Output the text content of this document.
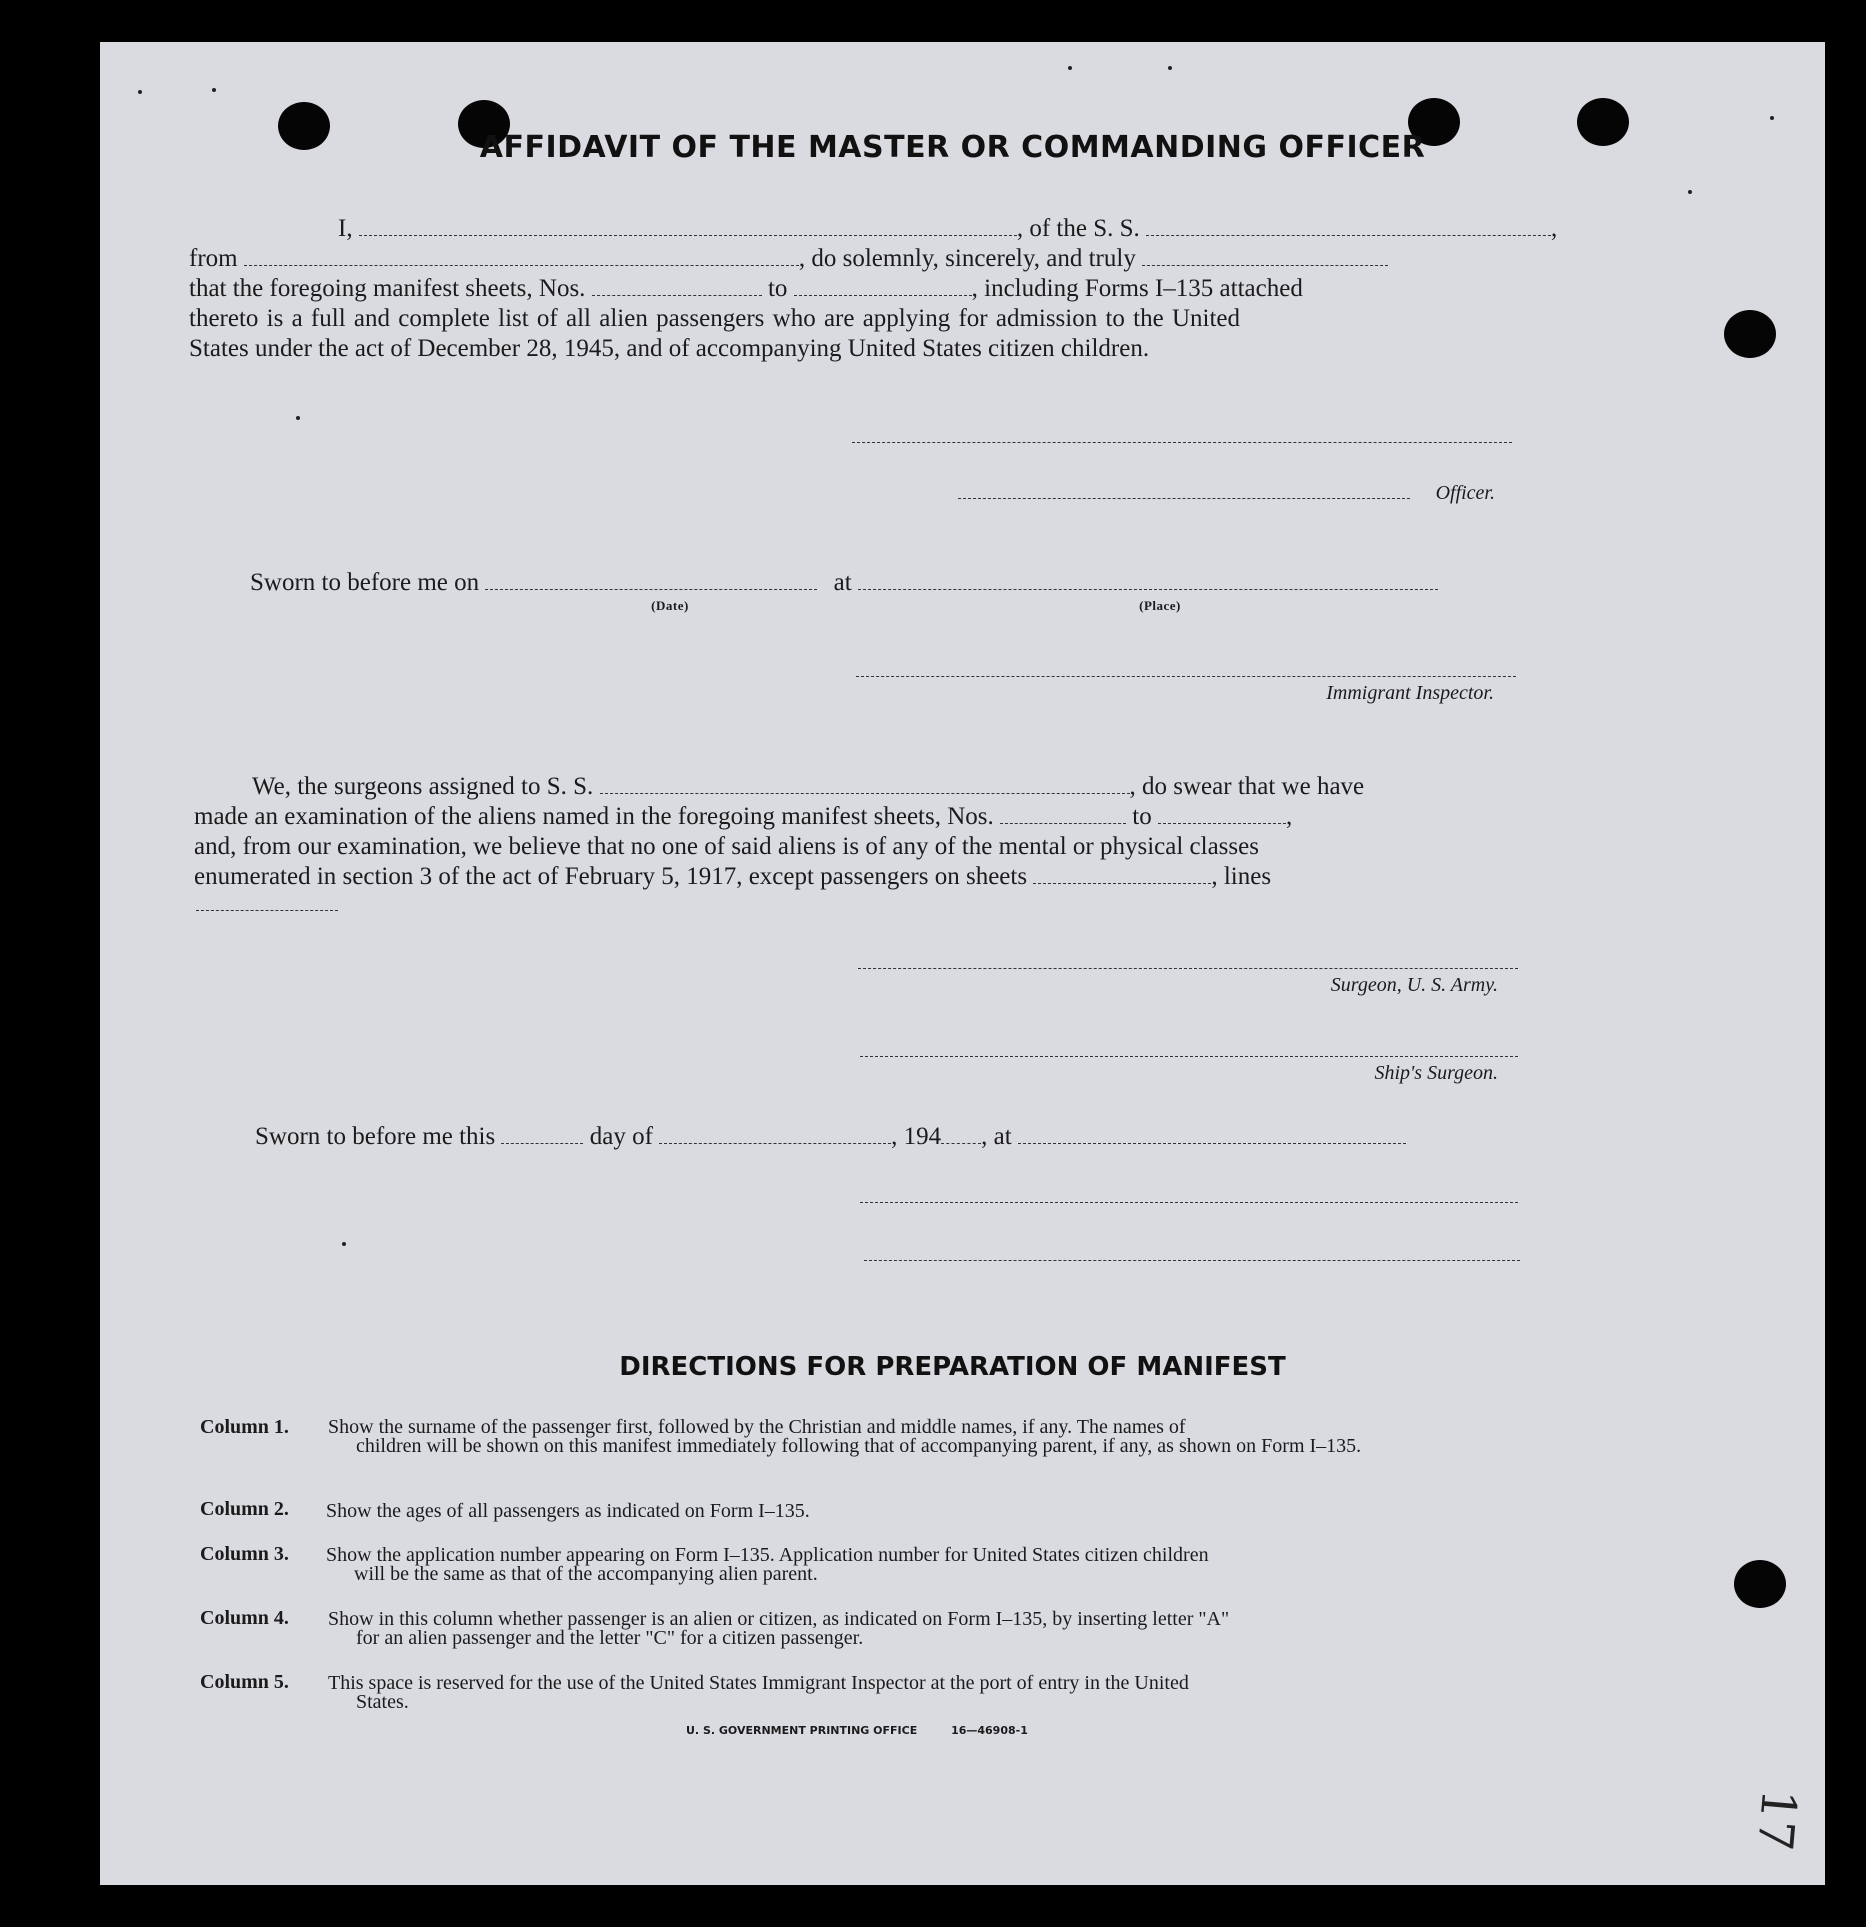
AFFIDAVIT OF THE MASTER OR COMMANDING OFFICER
I,	, of the S. S.	,
from	, do solemnly, sincerely, and truly
that the foregoing manifest sheets, Nos.	to	, including Forms I–135 attached
thereto is a full and complete list of all alien passengers who are applying for admission to the United
States under the act of December 28, 1945, and of accompanying United States citizen children.
Officer.
Sworn to before me on	at
(Date)	(Place)
Immigrant Inspector.
We, the surgeons assigned to S. S.	, do swear that we have
made an examination of the aliens named in the foregoing manifest sheets, Nos.	to	,
and, from our examination, we believe that no one of said aliens is of any of the mental or physical classes
enumerated in section 3 of the act of February 5, 1917, except passengers on sheets	, lines
Surgeon, U. S. Army.
Ship's Surgeon.
Sworn to before me this	day of	, 194 , at
DIRECTIONS FOR PREPARATION OF MANIFEST
Column 1. Show the surname of the passenger first, followed by the Christian and middle names, if any. The names of
children will be shown on this manifest immediately following that of accompanying parent, if any, as shown on Form I–135.
Column 2. Show the ages of all passengers as indicated on Form I–135.
Column 3. Show the application number appearing on Form I–135. Application number for United States citizen children
will be the same as that of the accompanying alien parent.
Column 4. Show in this column whether passenger is an alien or citizen, as indicated on Form I–135, by inserting letter "A"
for an alien passenger and the letter "C" for a citizen passenger.
Column 5. This space is reserved for the use of the United States Immigrant Inspector at the port of entry in the United
States.
U. S. GOVERNMENT PRINTING OFFICE	16—46908-1
17
